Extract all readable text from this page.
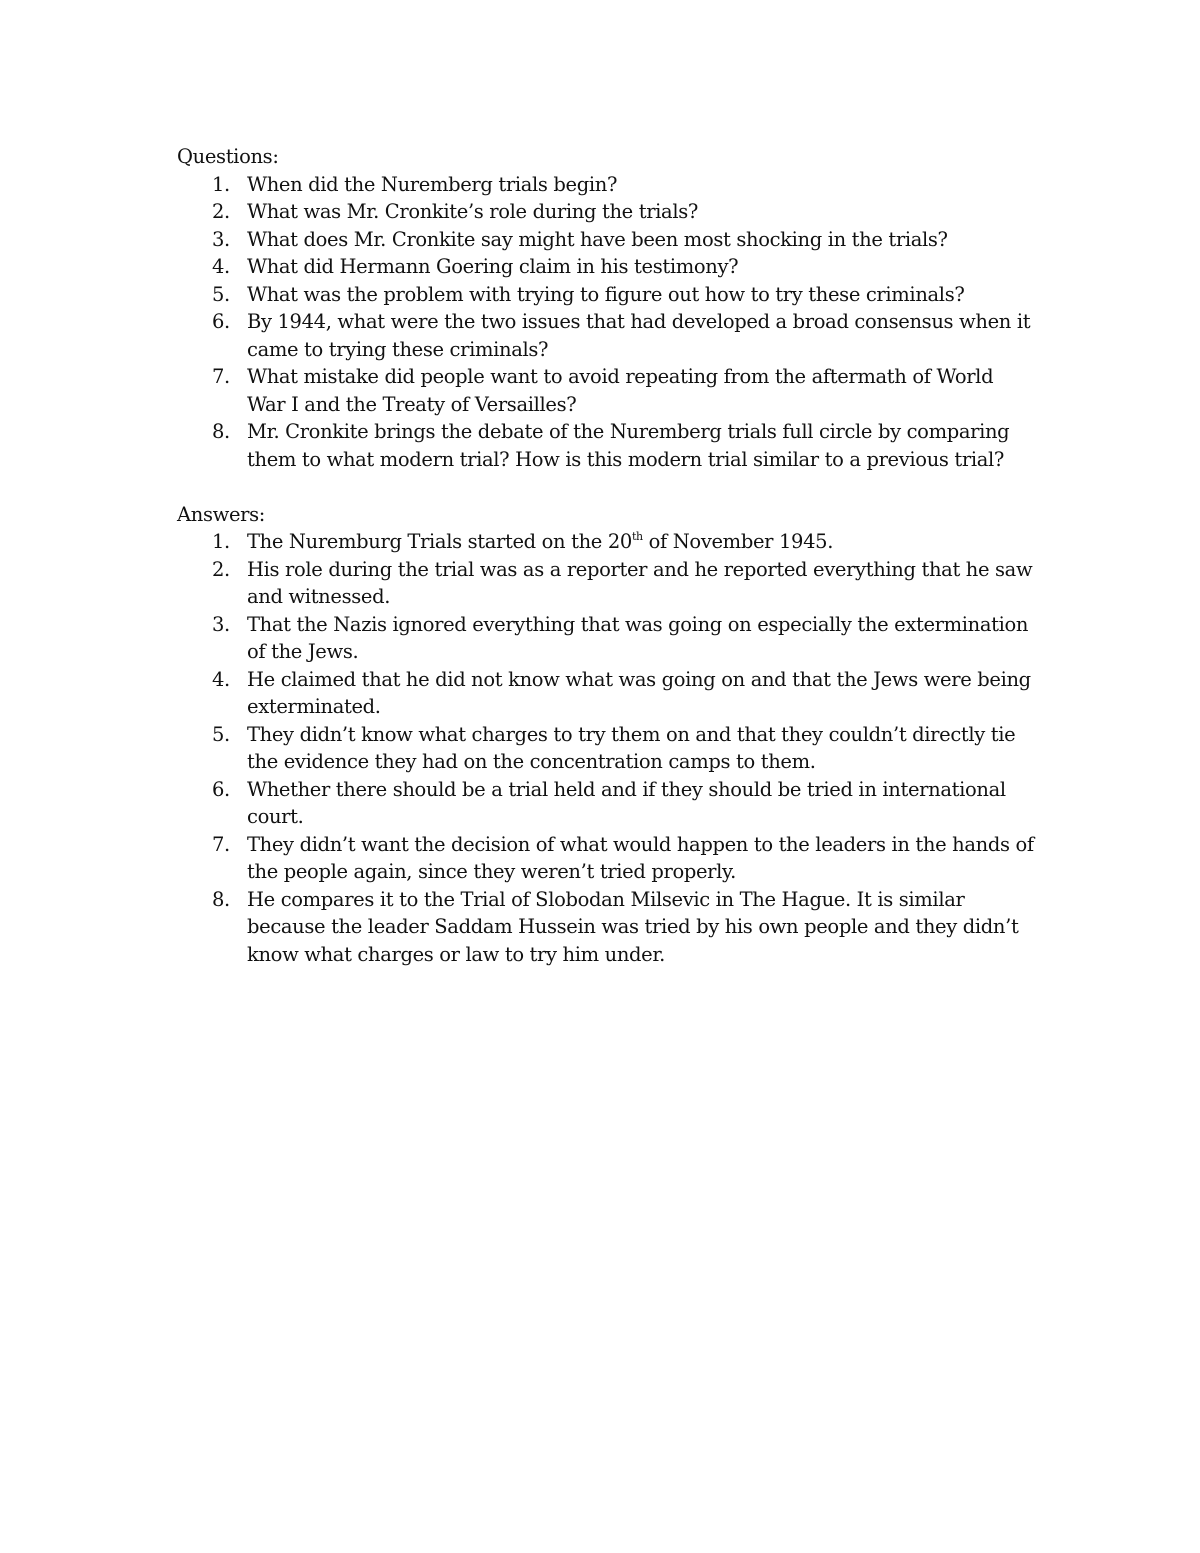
Questions:
1. When did the Nuremberg trials begin?
2. What was Mr. Cronkite’s role during the trials?
3. What does Mr. Cronkite say might have been most shocking in the trials?
4. What did Hermann Goering claim in his testimony?
5. What was the problem with trying to figure out how to try these criminals?
6. By 1944, what were the two issues that had developed a broad consensus when it came to trying these criminals?
7. What mistake did people want to avoid repeating from the aftermath of World War I and the Treaty of Versailles?
8. Mr. Cronkite brings the debate of the Nuremberg trials full circle by comparing them to what modern trial? How is this modern trial similar to a previous trial?
Answers:
1. The Nuremburg Trials started on the 20th of November 1945.
2. His role during the trial was as a reporter and he reported everything that he saw and witnessed.
3. That the Nazis ignored everything that was going on especially the extermination of the Jews.
4. He claimed that he did not know what was going on and that the Jews were being exterminated.
5. They didn’t know what charges to try them on and that they couldn’t directly tie the evidence they had on the concentration camps to them.
6. Whether there should be a trial held and if they should be tried in international court.
7. They didn’t want the decision of what would happen to the leaders in the hands of the people again, since they weren’t tried properly.
8. He compares it to the Trial of Slobodan Milsevic in The Hague. It is similar because the leader Saddam Hussein was tried by his own people and they didn’t know what charges or law to try him under.
